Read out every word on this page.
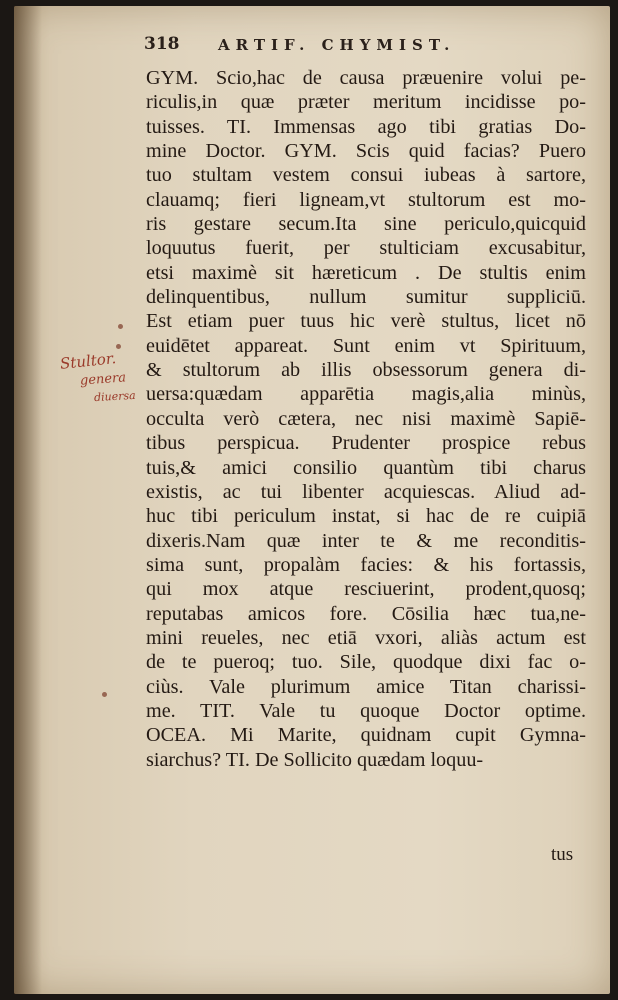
318	ARTIF. CHYMIST.
GYM. Scio,hac de causa præuenire volui pe-
riculis,in quæ præter meritum incidisse po-
tuisses. TI. Immensas ago tibi gratias Do-
mine Doctor. GYM. Scis quid facias? Puero
tuo stultam vestem consui iubeas à sartore,
clauamq; fieri ligneam,vt stultorum est mo-
ris gestare secum.Ita sine periculo,quicquid
loquutus fuerit, per stulticiam excusabitur,
etsi maximè sit hæreticum . De stultis enim
delinquentibus, nullum sumitur suppliciū.
Est etiam puer tuus hic verè stultus, licet nō
euidētet appareat. Sunt enim vt Spirituum,
& stultorum ab illis obsessorum genera di-
uersa:quædam apparētia magis,alia minùs,
occulta verò cætera, nec nisi maximè Sapiē-
tibus perspicua. Prudenter prospice rebus
tuis,& amici consilio quantùm tibi charus
existis, ac tui libenter acquiescas. Aliud ad-
huc tibi periculum instat, si hac de re cuipiā
dixeris.Nam quæ inter te & me reconditis-
sima sunt, propalàm facies: & his fortassis,
qui mox atque resciuerint, prodent,quosq;
reputabas amicos fore. Cōsilia hæc tua,ne-
mini reueles, nec etiā vxori, aliàs actum est
de te pueroq; tuo. Sile, quodque dixi fac o-
ciùs. Vale plurimum amice Titan charissi-
me. TIT. Vale tu quoque Doctor optime.
OCEA. Mi Marite, quidnam cupit Gymna-
siarchus? TI. De Sollicito quædam loquu-
tus
Stultor.
genera
diuersa
